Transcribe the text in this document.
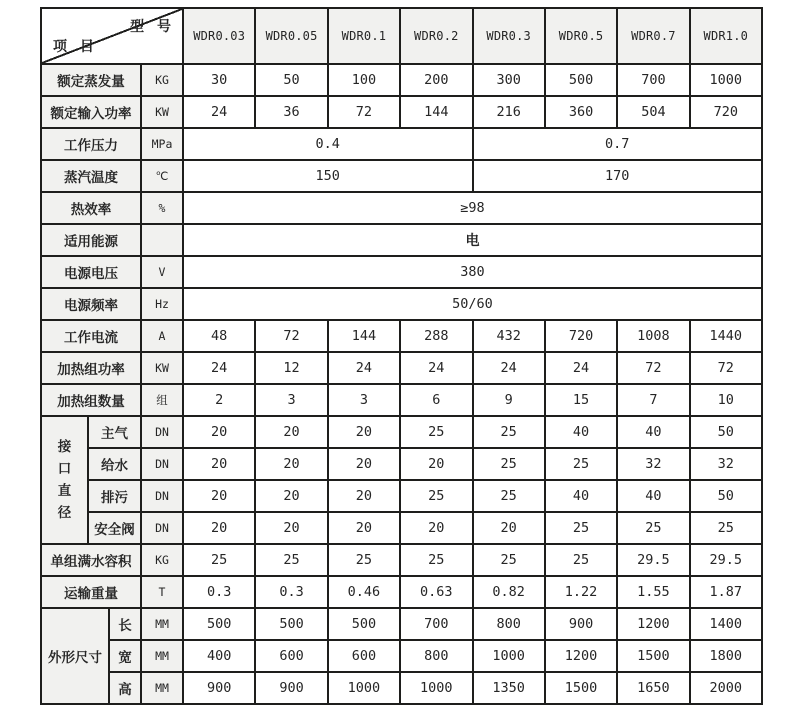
型 号
项 目				WDR0.03	WDR0.05	WDR0.1	WDR0.2	WDR0.3	WDR0.5	WDR0.7	WDR1.0
额定蒸发量			KG	30	50	100	200	300	500	700	1000
额定输入功率			KW	24	36	72	144	216	360	504	720
工作压力			MPa	0.4				0.7			
蒸汽温度			℃	150				170			
热效率			%	≥98							
适用能源				电							
电源电压			V	380							
电源频率			Hz	50/60							
工作电流			A	48	72	144	288	432	720	1008	1440
加热组功率			KW	24	12	24	24	24	24	72	72
加热组数量			组	2	3	3	6	9	15	7	10

接口直径	主气		DN	20	20	20	25	25	40	40	50
	给水		DN	20	20	20	20	25	25	32	32
	排污		DN	20	20	20	25	25	40	40	50
	安全阀		DN	20	20	20	20	20	25	25	25
单组满水容积			KG	25	25	25	25	25	25	29.5	29.5
运输重量			T	0.3	0.3	0.46	0.63	0.82	1.22	1.55	1.87
外形尺寸		长	MM	500	500	500	700	800	900	1200	1400
		宽	MM	400	600	600	800	1000	1200	1500	1800
		高	MM	900	900	1000	1000	1350	1500	1650	2000
